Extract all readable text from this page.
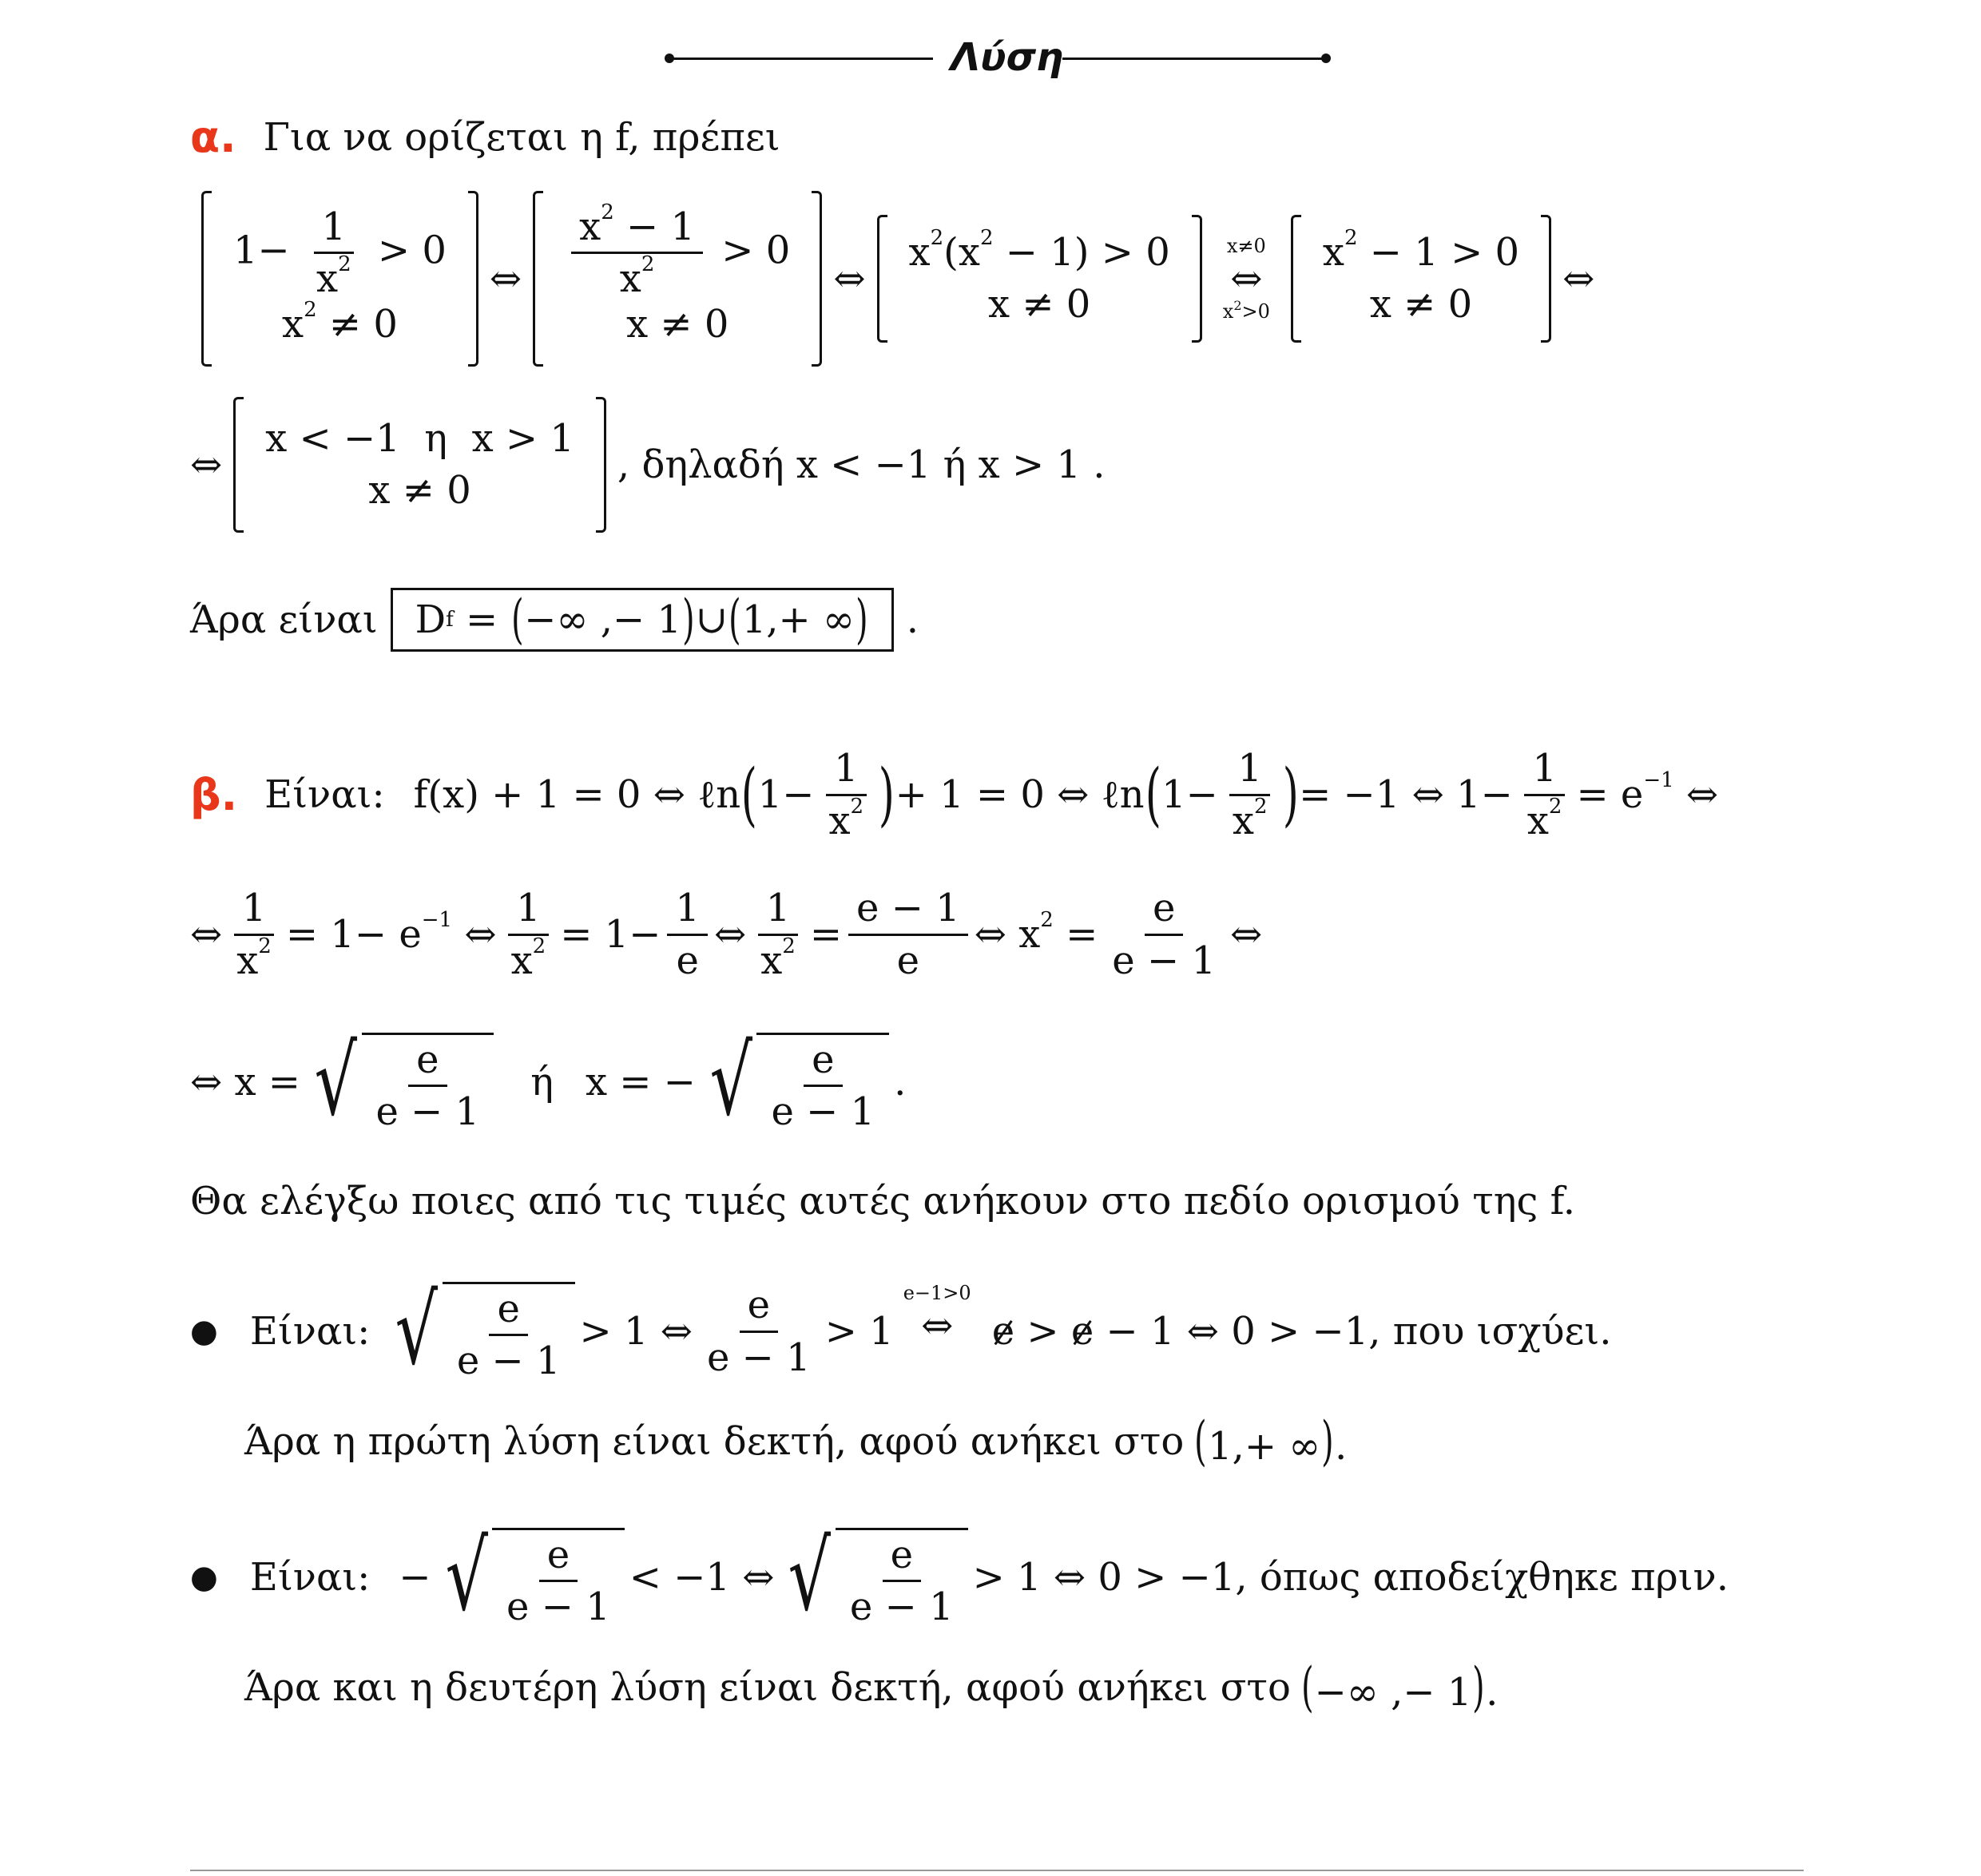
Λύση
α. Για να ορίζεται η f, πρέπει
$1- \frac{1}{x^2} > 0$
$x^2 \ne 0$
⇔ $\frac{x^2 - 1}{x^2} > 0$
x ≠ 0
⇔
$x^2(x^2 - 1) > 0$
x ≠ 0
x≠0
⇔
$x^2>0$
$x^2 - 1 > 0$
x ≠ 0
⇔
⇔
x < −1  η  x > 1
x ≠ 0
, δηλαδή x < −1 ή x > 1 .
Άρα είναι D f = ( −∞ ,− 1 ) ∪ ( 1,+ ∞ ) .
β. Είναι: f(x) + 1 = 0 ⇔ ℓn ( $1- \frac{1}{x^2}$ ) + 1 = 0 ⇔ ℓn ( $1- \frac{1}{x^2}$ ) = −1 ⇔ $1- \frac{1}{x^2} = e^{-1}$ ⇔
⇔ $\frac{1}{x^2} = 1- e^{-1}$ ⇔ $\frac{1}{x^2} = 1- \frac{1}{e}$ ⇔ $\frac{1}{x^2} = \frac{e - 1}{e}$ ⇔ $x^2 = \frac{e}{e - 1}$ ⇔
⇔ x = √ $\frac{e}{e - 1}$ ή x = − √ $\frac{e}{e - 1}$ .
Θα ελέγξω ποιες από τις τιμές αυτές ανήκουν στο πεδίο ορισμού της f.
● Είναι: √ $\frac{e}{e - 1} > 1$ ⇔ $\frac{e}{e - 1} > 1$
e−1>0
⇔ e > e − 1 ⇔ 0 > −1 , που ισχύει.
Άρα η πρώτη λύση είναι δεκτή, αφού ανήκει στο (1,+ ∞).
● Είναι: − √ $\frac{e}{e - 1} < -1$ ⇔ √ $\frac{e}{e - 1} > 1$ ⇔ 0 > −1 , όπως αποδείχθηκε πριν.
Άρα και η δευτέρη λύση είναι δεκτή, αφού ανήκει στο (−∞ ,− 1).
